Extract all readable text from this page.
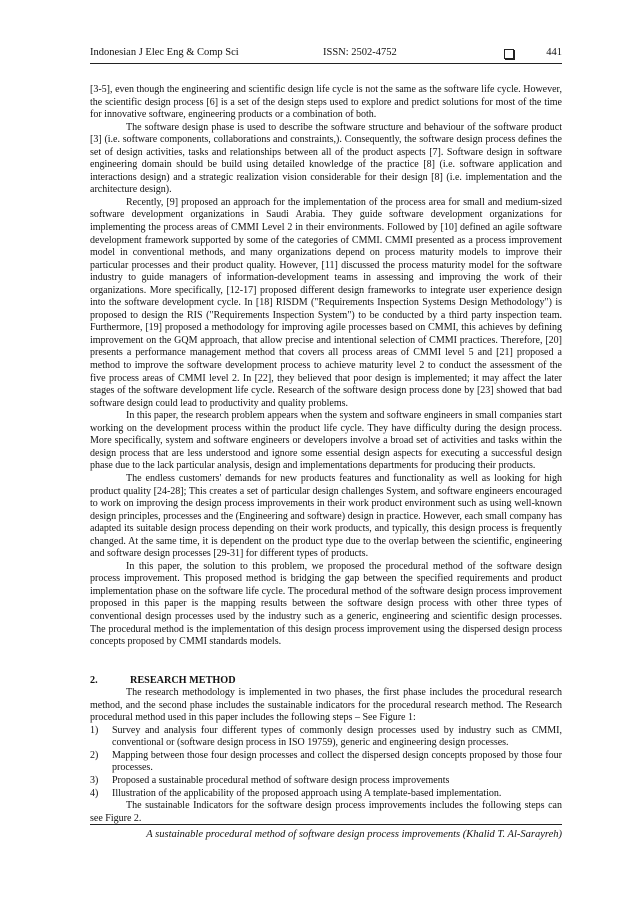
Indonesian J Elec Eng & Comp Sci	ISSN: 2502-4752	441

[3-5], even though the engineering and scientific design life cycle is not the same as the software life cycle. However, the scientific design process [6] is a set of the design steps used to explore and predict solutions for most of the time for innovative software, engineering products or a combination of both.

The software design phase is used to describe the software structure and behaviour of the software product [3] (i.e. software components, collaborations and constraints,). Consequently, the software design process defines the set of design activities, tasks and relationships between all of the product aspects [7]. Software design in software engineering domain should be build using detailed knowledge of the practice [8] (i.e. software application and interactions design) and a strategic realization vision considerable for their design [8] (i.e. implementation and the architecture design).

Recently, [9] proposed an approach for the implementation of the process area for small and medium-sized software development organizations in Saudi Arabia. They guide software development organizations for implementing the process areas of CMMI Level 2 in their environments. Followed by [10] defined an agile software development framework supported by some of the categories of CMMI. CMMI presented as a process improvement model in conventional methods, and many organizations depend on process maturity models to improve their particular processes and their product quality. However, [11] discussed the process maturity model for the software industry to guide managers of information-development teams in assessing and improving the work of their organizations. More specifically, [12-17] proposed different design frameworks to integrate user experience design into the software development cycle. In [18] RISDM ("Requirements Inspection Systems Design Methodology") is proposed to design the RIS ("Requirements Inspection System") to be conducted by a third party inspection team. Furthermore, [19] proposed a methodology for improving agile processes based on CMMI, this achieves by defining improvement on the GQM approach, that allow precise and intentional selection of CMMI practices. Therefore, [20] presents a performance management method that covers all process areas of CMMI level 5 and [21] proposed a method to improve the software development process to achieve maturity level 2 to conduct the assessment of the five process areas of CMMI level 2. In [22], they believed that poor design is implemented; it may affect the later stages of the software development life cycle. Research of the software design process done by [23] showed that bad software design could lead to productivity and quality problems.

In this paper, the research problem appears when the system and software engineers in small companies start working on the development process within the product life cycle. They have difficulty during the design process. More specifically, system and software engineers or developers involve a broad set of activities and tasks within the design process that are less understood and ignore some essential design aspects for executing a successful design phase due to the lack particular analysis, design and implementations departments for producing their products.

The endless customers' demands for new products features and functionality as well as looking for high product quality [24-28]; This creates a set of particular design challenges System, and software engineers encouraged to work on improving the design process improvements in their work product environment such as using well-known design principles, processes and the (Engineering and software) design in practice. However, each small company has adapted its suitable design process depending on their work products, and typically, this design process is frequently changed. At the same time, it is dependent on the product type due to the overlap between the scientific, engineering and software design processes [29-31] for different types of products.

In this paper, the solution to this problem, we proposed the procedural method of the software design process improvement. This proposed method is bridging the gap between the specified requirements and product implementation phase on the software life cycle. The procedural method of the software design process improvement proposed in this paper is the mapping results between the software design process with other three types of conventional design processes used by the industry such as a generic, engineering and scientific design processes. The procedural method is the implementation of this design process improvement using the dispersed design process concepts proposed by CMMI standards models.

2.	RESEARCH METHOD

The research methodology is implemented in two phases, the first phase includes the procedural research method, and the second phase includes the sustainable indicators for the procedural research method. The Research procedural method used in this paper includes the following steps – See Figure 1:

1) Survey and analysis four different types of commonly design processes used by industry such as CMMI, conventional or (software design process in ISO 19759), generic and engineering design processes.
2) Mapping between those four design processes and collect the dispersed design concepts proposed by those four processes.
3) Proposed a sustainable procedural method of software design process improvements
4) Illustration of the applicability of the proposed approach using A template-based implementation.

The sustainable Indicators for the software design process improvements includes the following steps can see Figure 2.

A sustainable procedural method of software design process improvements (Khalid T. Al-Sarayreh)
